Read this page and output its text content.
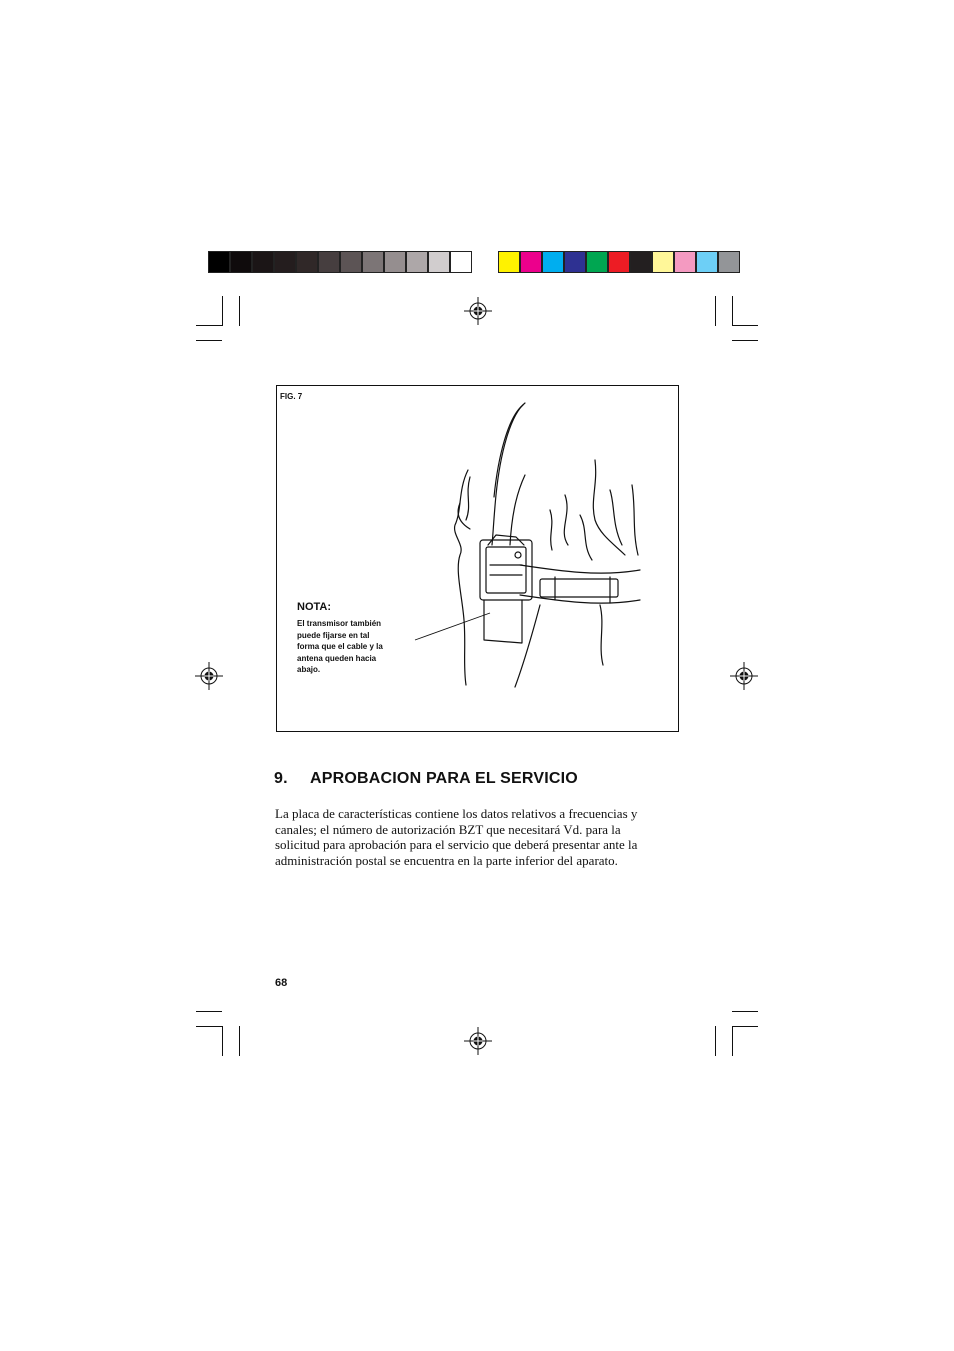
FIG. 7
NOTA:
El transmisor también
puede fijarse en tal
forma que el cable y la
antena queden hacia
abajo.
9. APROBACION PARA EL SERVICIO
La placa de características contiene los datos relativos a frecuencias y
canales; el número de autorización BZT que necesitará Vd. para la
solicitud para aprobación para el servicio que deberá presentar ante la
administración postal se encuentra en la parte inferior del aparato.
68
